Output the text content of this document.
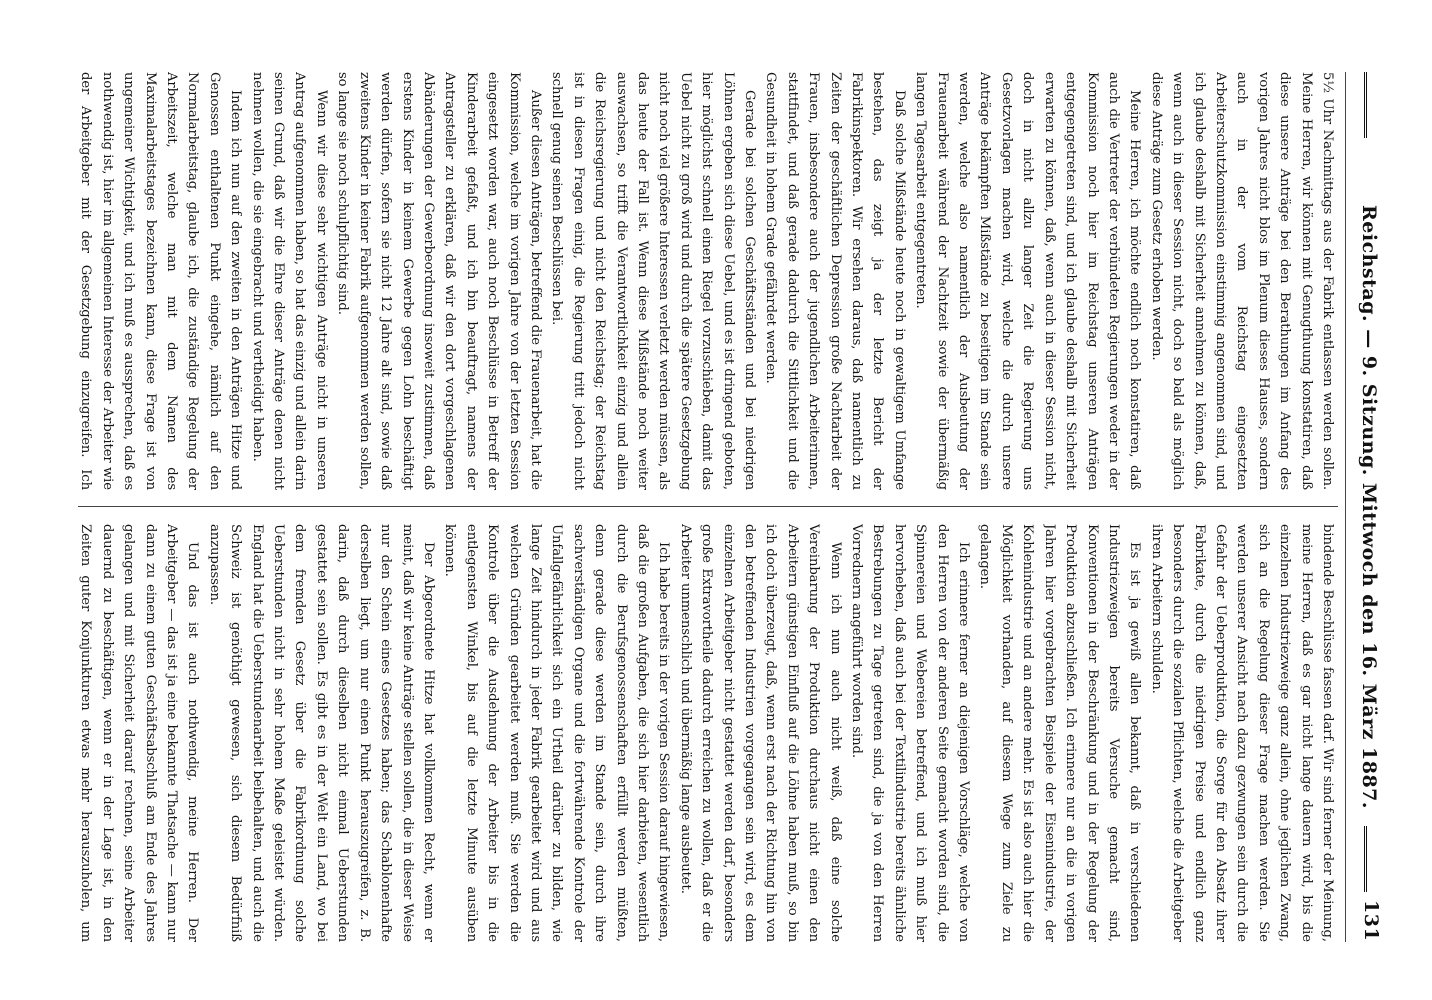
Reichstag. — 9. Sitzung. Mittwoch den 16. März 1887.
131

5½ Uhr Nachmittags aus der Fabrik entlassen werden sollen. Meine Herren, wir können mit Genugthuung konstatiren, daß diese unsere Anträge bei den Berathungen im Anfang des vorigen Jahres nicht blos im Plenum dieses Hauses, sondern auch in der vom Reichstag eingesetzten Arbeiterschutzkommission einstimmig angenommen sind, und ich glaube deshalb mit Sicherheit annehmen zu können, daß, wenn auch in dieser Session nicht, doch so bald als möglich diese Anträge zum Gesetz erhoben werden.

Meine Herren, ich möchte endlich noch konstatiren, daß auch die Vertreter der verbündeten Regierungen weder in der Kommission noch hier im Reichstag unseren Anträgen entgegengetreten sind, und ich glaube deshalb mit Sicherheit erwarten zu können, daß, wenn auch in dieser Session nicht, doch in nicht allzu langer Zeit die Regierung uns Gesetzvorlagen machen wird, welche die durch unsere Anträge bekämpften Mißstände zu beseitigen im Stande sein werden, welche also namentlich der Ausbeutung der Frauenarbeit während der Nachtzeit sowie der übermäßig langen Tagesarbeit entgegentreten.

Daß solche Mißstände heute noch in gewaltigem Umfange bestehen, das zeigt ja der letzte Bericht der Fabrikinspektoren. Wir ersehen daraus, daß namentlich zu Zeiten der geschäftlichen Depression große Nachtarbeit der Frauen, insbesondere auch der jugendlichen Arbeiterinnen, stattfindet, und daß gerade dadurch die Sittlichkeit und die Gesundheit in hohem Grade gefährdet werden.

Gerade bei solchen Geschäftsständen und bei niedrigen Löhnen ergeben sich diese Uebel, und es ist dringend geboten, hier möglichst schnell einen Riegel vorzuschieben, damit das Uebel nicht zu groß wird und durch die spätere Gesetzgebung nicht noch viel größere Interessen verletzt werden müssen, als das heute der Fall ist. Wenn diese Mißstände noch weiter auswachsen, so trifft die Verantwortlichkeit einzig und allein die Reichsregierung und nicht den Reichstag; der Reichstag ist in diesen Fragen einig, die Regierung tritt jedoch nicht schnell genug seinen Beschlüssen bei.

Außer diesen Anträgen, betreffend die Frauenarbeit, hat die Kommission, welche im vorigen Jahre von der letzten Session eingesetzt worden war, auch noch Beschlüsse in Betreff der Kinderarbeit gefaßt, und ich bin beauftragt, namens der Antragsteller zu erklären, daß wir den dort vorgeschlagenen Abänderungen der Gewerbeordnung insoweit zustimmen, daß erstens Kinder in keinem Gewerbe gegen Lohn beschäftigt werden dürfen, sofern sie nicht 12 Jahre alt sind, sowie daß zweitens Kinder in keiner Fabrik aufgenommen werden sollen, so lange sie noch schulpflichtig sind.

Wenn wir diese sehr wichtigen Anträge nicht in unseren Antrag aufgenommen haben, so hat das einzig und allein darin seinen Grund, daß wir die Ehre dieser Anträge denen nicht nehmen wollen, die sie eingebracht und vertheidigt haben.

Indem ich nun auf den zweiten in den Anträgen Hitze und Genossen enthaltenen Punkt eingehe, nämlich auf den Normalarbeitstag, glaube ich, die zuständige Regelung der Arbeitszeit, welche man mit dem Namen des Maximalarbeitstages bezeichnen kann, diese Frage ist von ungemeiner Wichtigkeit, und ich muß es aussprechen, daß es nothwendig ist, hier im allgemeinen Interesse der Arbeiter wie der Arbeitgeber mit der Gesetzgebung einzugreifen. Ich

bindende Beschlüsse fassen darf. Wir sind ferner der Meinung, meine Herren, daß es gar nicht lange dauern wird, bis die einzelnen Industriezweige ganz allein, ohne jeglichen Zwang, sich an die Regelung dieser Frage machen werden. Sie werden unserer Ansicht nach dazu gezwungen sein durch die Gefahr der Ueberproduktion, die Sorge für den Absatz ihrer Fabrikate, durch die niedrigen Preise und endlich ganz besonders durch die sozialen Pflichten, welche die Arbeitgeber ihren Arbeitern schulden.

Es ist ja gewiß allen bekannt, daß in verschiedenen Industriezweigen bereits Versuche gemacht sind, Konventionen in der Beschränkung und in der Regelung der Produktion abzuschließen. Ich erinnere nur an die in vorigen Jahren hier vorgebrachten Beispiele der Eisenindustrie, der Kohlenindustrie und an andere mehr. Es ist also auch hier die Möglichkeit vorhanden, auf diesem Wege zum Ziele zu gelangen.

Ich erinnere ferner an diejenigen Vorschläge, welche von den Herren von der anderen Seite gemacht worden sind, die Spinnereien und Webereien betreffend, und ich muß hier hervorheben, daß auch bei der Textilindustrie bereits ähnliche Bestrebungen zu Tage getreten sind, die ja von den Herren Vorrednern angeführt worden sind.

Wenn ich nun auch nicht weiß, daß eine solche Vereinbarung der Produktion durchaus nicht einen den Arbeitern günstigen Einfluß auf die Löhne haben muß, so bin ich doch überzeugt, daß, wenn erst nach der Richtung hin von den betreffenden Industrien vorgegangen sein wird, es dem einzelnen Arbeitgeber nicht gestattet werden darf, besonders große Extravortheile dadurch erreichen zu wollen, daß er die Arbeiter unmenschlich und übermäßig lange ausbeutet.

Ich habe bereits in der vorigen Session darauf hingewiesen, daß die großen Aufgaben, die sich hier darbieten, wesentlich durch die Berufsgenossenschaften erfüllt werden müßten, denn gerade diese werden im Stande sein, durch ihre sachverständigen Organe und die fortwährende Kontrole der Unfallgefährlichkeit sich ein Urtheil darüber zu bilden, wie lange Zeit hindurch in jeder Fabrik gearbeitet wird und aus welchen Gründen gearbeitet werden muß. Sie werden die Kontrole über die Ausdehnung der Arbeiter bis in die entlegensten Winkel, bis auf die letzte Minute ausüben können.

Der Abgeordnete Hitze hat vollkommen Recht, wenn er meint, daß wir keine Anträge stellen sollen, die in dieser Weise nur den Schein eines Gesetzes haben; das Schablonenhafte derselben liegt, um nur einen Punkt herauszugreifen, z. B. darin, daß durch dieselben nicht einmal Ueberstunden gestattet sein sollen. Es gibt es in der Welt ein Land, wo bei dem fremden Gesetz über die Fabrikordnung solche Ueberstunden nicht in sehr hohem Maße geleistet würden. England hat die Ueberstundenarbeit beibehalten, und auch die Schweiz ist genöthigt gewesen, sich diesem Bedürfniß anzupassen.

Und das ist auch nothwendig, meine Herren. Der Arbeitgeber — das ist ja eine bekannte Thatsache — kann nur dann zu einem guten Geschäftsabschluß am Ende des Jahres gelangen und mit Sicherheit darauf rechnen, seine Arbeiter dauernd zu beschäftigen, wenn er in der Lage ist, in den Zeiten guter Konjunkturen etwas mehr herauszuholen, um
